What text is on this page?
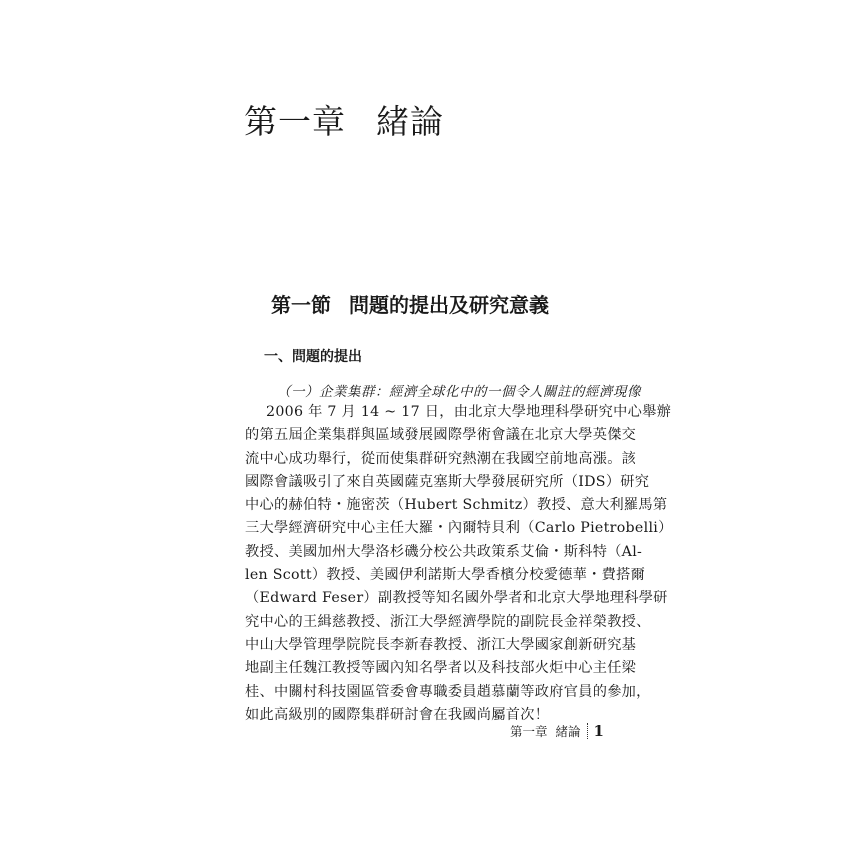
第一章 緒論
第一節 問題的提出及研究意義
一、問題的提出
（一）企業集群：經濟全球化中的一個令人關註的經濟現像
2006 年 7 月 14 ~ 17 日，由北京大學地理科學研究中心舉辦
的第五屆企業集群與區域發展國際學術會議在北京大學英傑交
流中心成功舉行，從而使集群研究熱潮在我國空前地高漲。該
國際會議吸引了來自英國薩克塞斯大學發展研究所（IDS）研究
中心的赫伯特・施密茨（Hubert Schmitz）教授、意大利羅馬第
三大學經濟研究中心主任大羅・內爾特貝利（Carlo Pietrobelli）
教授、美國加州大學洛杉磯分校公共政策系艾倫・斯科特（Al-
len Scott）教授、美國伊利諾斯大學香檳分校愛德華・費搭爾
（Edward Feser）副教授等知名國外學者和北京大學地理科學研
究中心的王緝慈教授、浙江大學經濟學院的副院長金祥榮教授、
中山大學管理學院院長李新春教授、浙江大學國家創新研究基
地副主任魏江教授等國內知名學者以及科技部火炬中心主任梁
桂、中關村科技園區管委會專職委員趙慕蘭等政府官員的參加，
如此高級別的國際集群研討會在我國尚屬首次！
第一章 緒論 1
